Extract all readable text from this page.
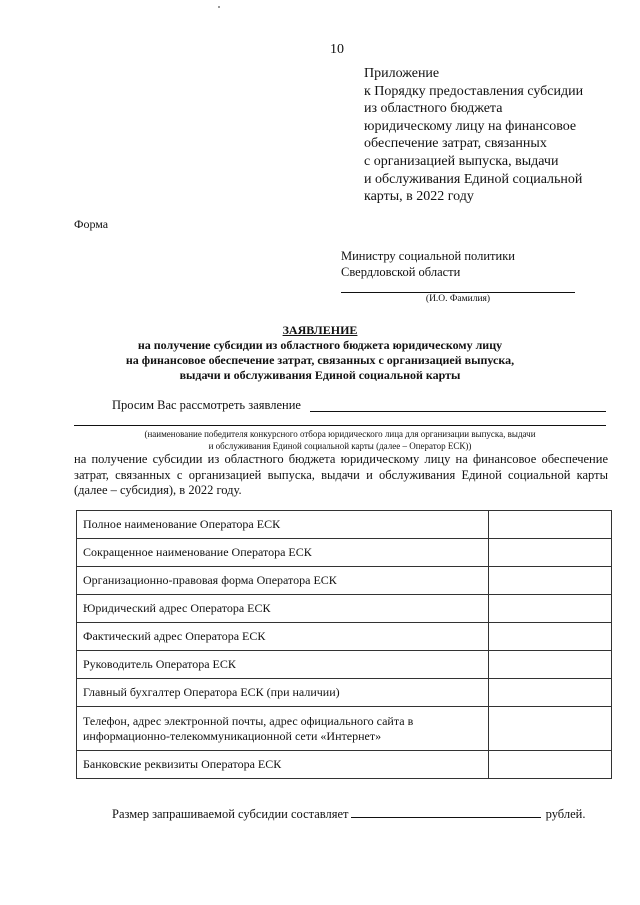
10
Приложение
к Порядку предоставления субсидии
из областного бюджета
юридическому лицу на финансовое
обеспечение затрат, связанных
с организацией выпуска, выдачи
и обслуживания Единой социальной
карты, в 2022 году
Форма
Министру социальной политики
Свердловской области
(И.О. Фамилия)
ЗАЯВЛЕНИЕ
на получение субсидии из областного бюджета юридическому лицу
на финансовое обеспечение затрат, связанных с организацией выпуска,
выдачи и обслуживания Единой социальной карты
Просим Вас рассмотреть заявление
(наименование победителя конкурсного отбора юридического лица для организации выпуска, выдачи
и обслуживания Единой социальной карты (далее – Оператор ЕСК))
на получение субсидии из областного бюджета юридическому лицу на финансовое обеспечение затрат, связанных с организацией выпуска, выдачи и обслуживания Единой социальной карты (далее – субсидия), в 2022 году.
Полное наименование Оператора ЕСК	
Сокращенное наименование Оператора ЕСК	
Организационно-правовая форма Оператора ЕСК	
Юридический адрес Оператора ЕСК	
Фактический адрес Оператора ЕСК	
Руководитель Оператора ЕСК	
Главный бухгалтер Оператора ЕСК (при наличии)	

Телефон, адрес электронной почты, адрес официального сайта в
информационно-телекоммуникационной сети «Интернет»	

Банковские реквизиты Оператора ЕСК	
Размер запрашиваемой субсидии составляет	рублей.
